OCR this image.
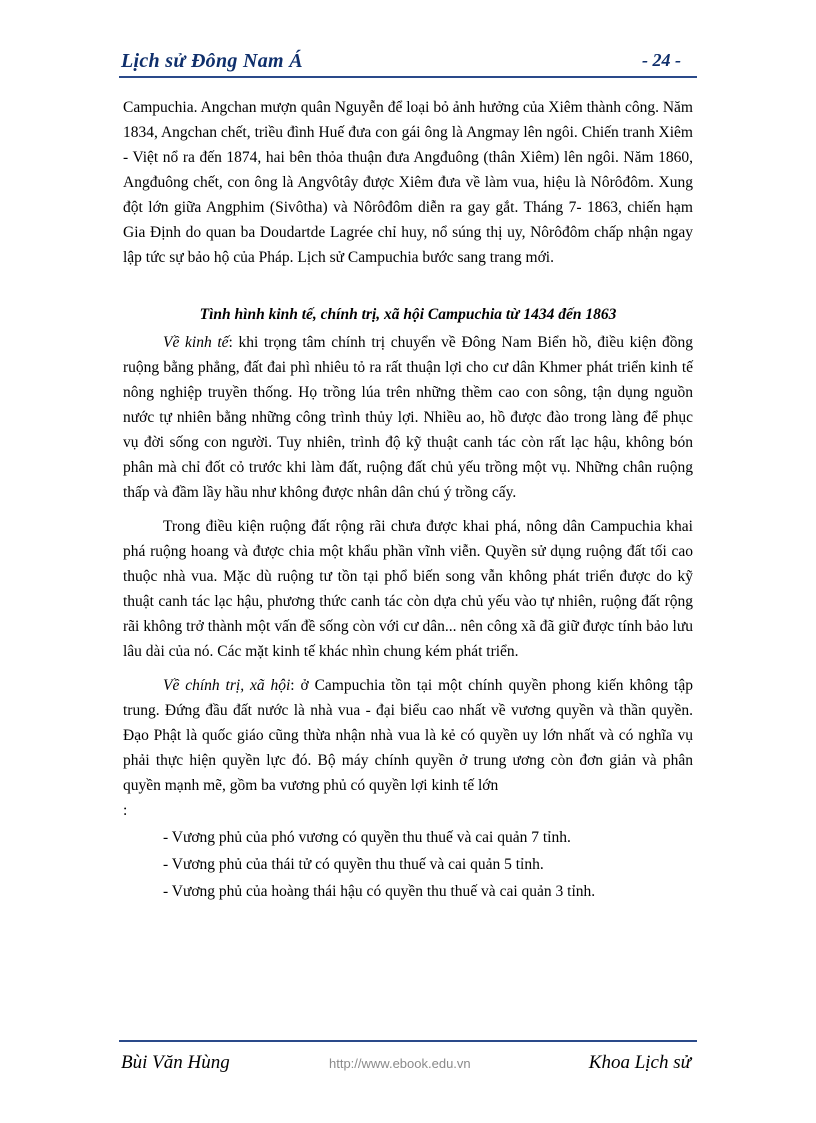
Lịch sử Đông Nam Á	- 24 -

Campuchia. Angchan mượn quân Nguyễn để loại bỏ ảnh hưởng của Xiêm thành công. Năm 1834, Angchan chết, triều đình Huế đưa con gái ông là Angmay lên ngôi. Chiến tranh Xiêm - Việt nổ ra đến 1874, hai bên thỏa thuận đưa Angđuông (thân Xiêm) lên ngôi. Năm 1860, Angđuông chết, con ông là Angvôtây được Xiêm đưa về làm vua, hiệu là Nôrôđôm. Xung đột lớn giữa Angphim (Sivôtha) và Nôrôđôm diễn ra gay gắt. Tháng 7- 1863, chiến hạm Gia Định do quan ba Doudartde Lagrée chỉ huy, nổ súng thị uy, Nôrôđôm chấp nhận ngay lập tức sự bảo hộ của Pháp. Lịch sử Campuchia bước sang trang mới.

Tình hình kinh tế, chính trị, xã hội Campuchia từ 1434 đến 1863

Về kinh tế: khi trọng tâm chính trị chuyển về Đông Nam Biển hồ, điều kiện đồng ruộng bằng phẳng, đất đai phì nhiêu tỏ ra rất thuận lợi cho cư dân Khmer phát triển kinh tế nông nghiệp truyền thống. Họ trồng lúa trên những thềm cao con sông, tận dụng nguồn nước tự nhiên bằng những công trình thủy lợi. Nhiều ao, hồ được đào trong làng để phục vụ đời sống con người. Tuy nhiên, trình độ kỹ thuật canh tác còn rất lạc hậu, không bón phân mà chỉ đốt cỏ trước khi làm đất, ruộng đất chủ yếu trồng một vụ. Những chân ruộng thấp và đầm lầy hầu như không được nhân dân chú ý trồng cấy.

Trong điều kiện ruộng đất rộng rãi chưa được khai phá, nông dân Campuchia khai phá ruộng hoang và được chia một khẩu phần vĩnh viễn. Quyền sử dụng ruộng đất tối cao thuộc nhà vua. Mặc dù ruộng tư tồn tại phổ biến song vẫn không phát triển được do kỹ thuật canh tác lạc hậu, phương thức canh tác còn dựa chủ yếu vào tự nhiên, ruộng đất rộng rãi không trở thành một vấn đề sống còn với cư dân... nên công xã đã giữ được tính bảo lưu lâu dài của nó. Các mặt kinh tế khác nhìn chung kém phát triển.

Về chính trị, xã hội: ở Campuchia tồn tại một chính quyền phong kiến không tập trung. Đứng đầu đất nước là nhà vua - đại biểu cao nhất về vương quyền và thần quyền. Đạo Phật là quốc giáo cũng thừa nhận nhà vua là kẻ có quyền uy lớn nhất và có nghĩa vụ phải thực hiện quyền lực đó. Bộ máy chính quyền ở trung ương còn đơn giản và phân quyền mạnh mẽ, gồm ba vương phủ có quyền lợi kinh tế lớn

:

- Vương phủ của phó vương có quyền thu thuế và cai quản 7 tỉnh.

- Vương phủ của thái tử có quyền thu thuế và cai quản 5 tỉnh.

- Vương phủ của hoàng thái hậu có quyền thu thuế và cai quản 3 tỉnh.

Bùi Văn Hùng	http://www.ebook.edu.vn	Khoa Lịch sử
